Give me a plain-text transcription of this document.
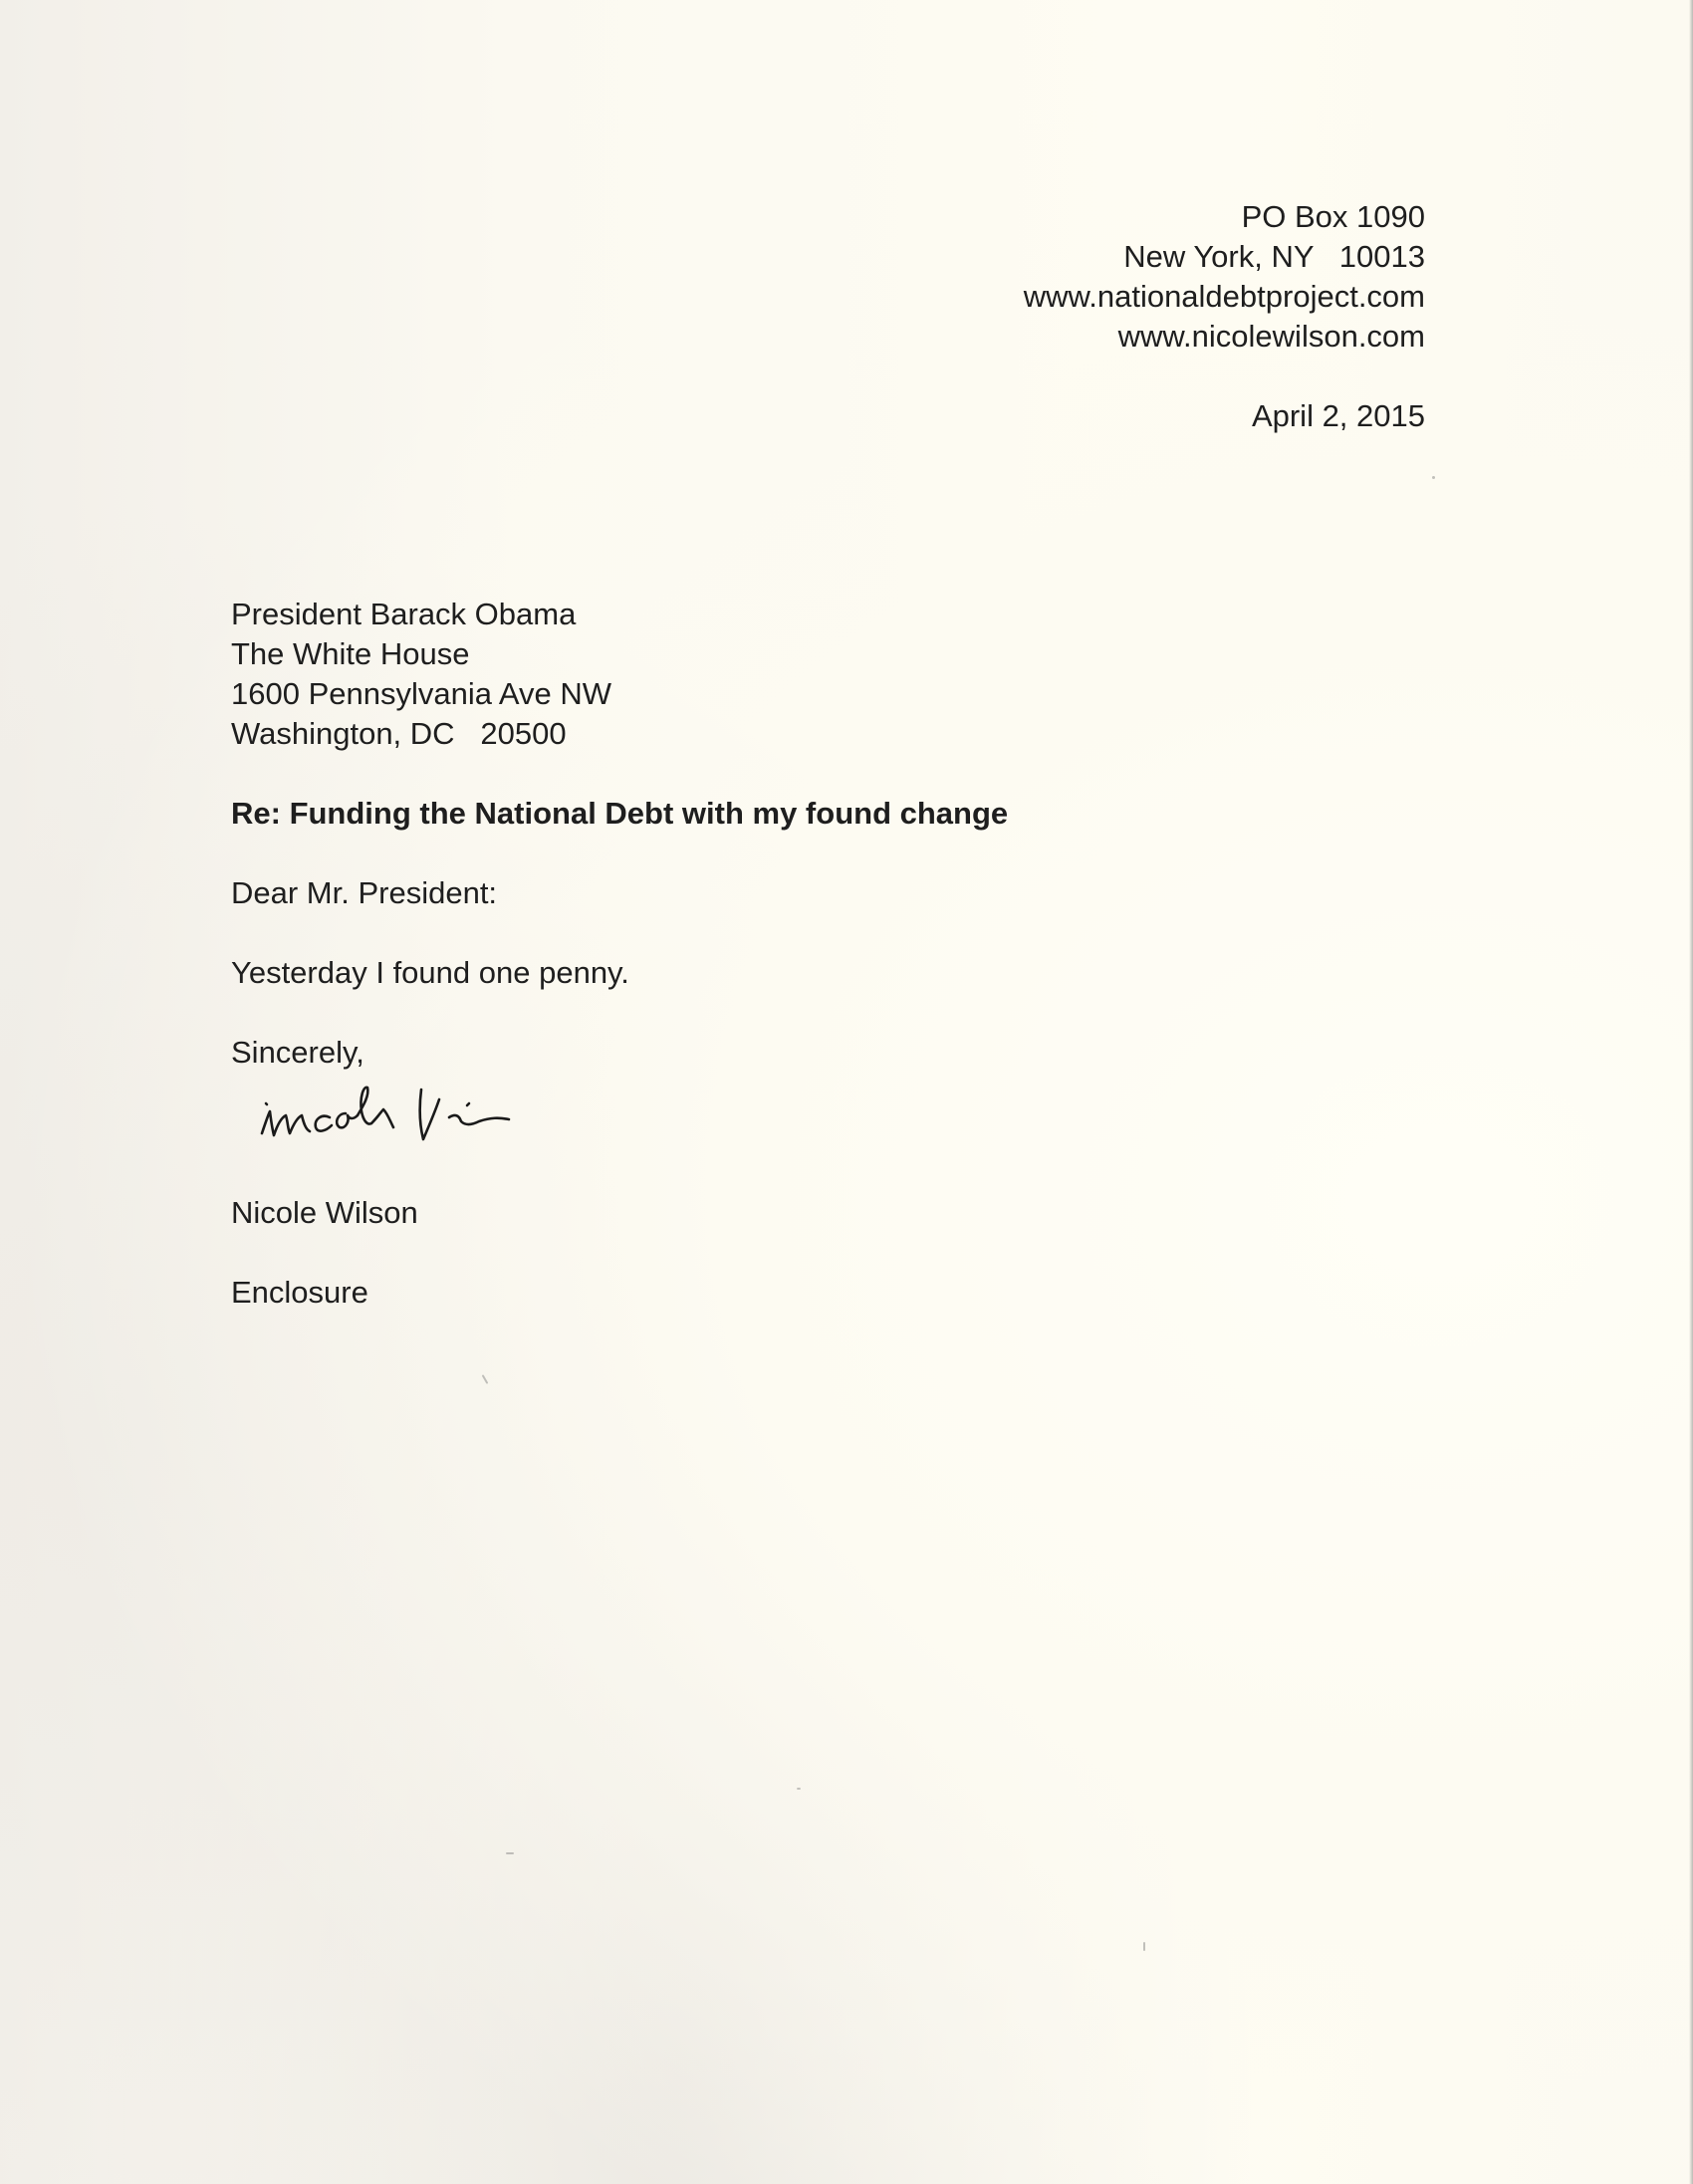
PO Box 1090
New York, NY   10013
www.nationaldebtproject.com
www.nicolewilson.com
April 2, 2015
President Barack Obama
The White House
1600 Pennsylvania Ave NW
Washington, DC   20500
Re: Funding the National Debt with my found change
Dear Mr. President:
Yesterday I found one penny.
Sincerely,
Nicole Wilson
Enclosure
